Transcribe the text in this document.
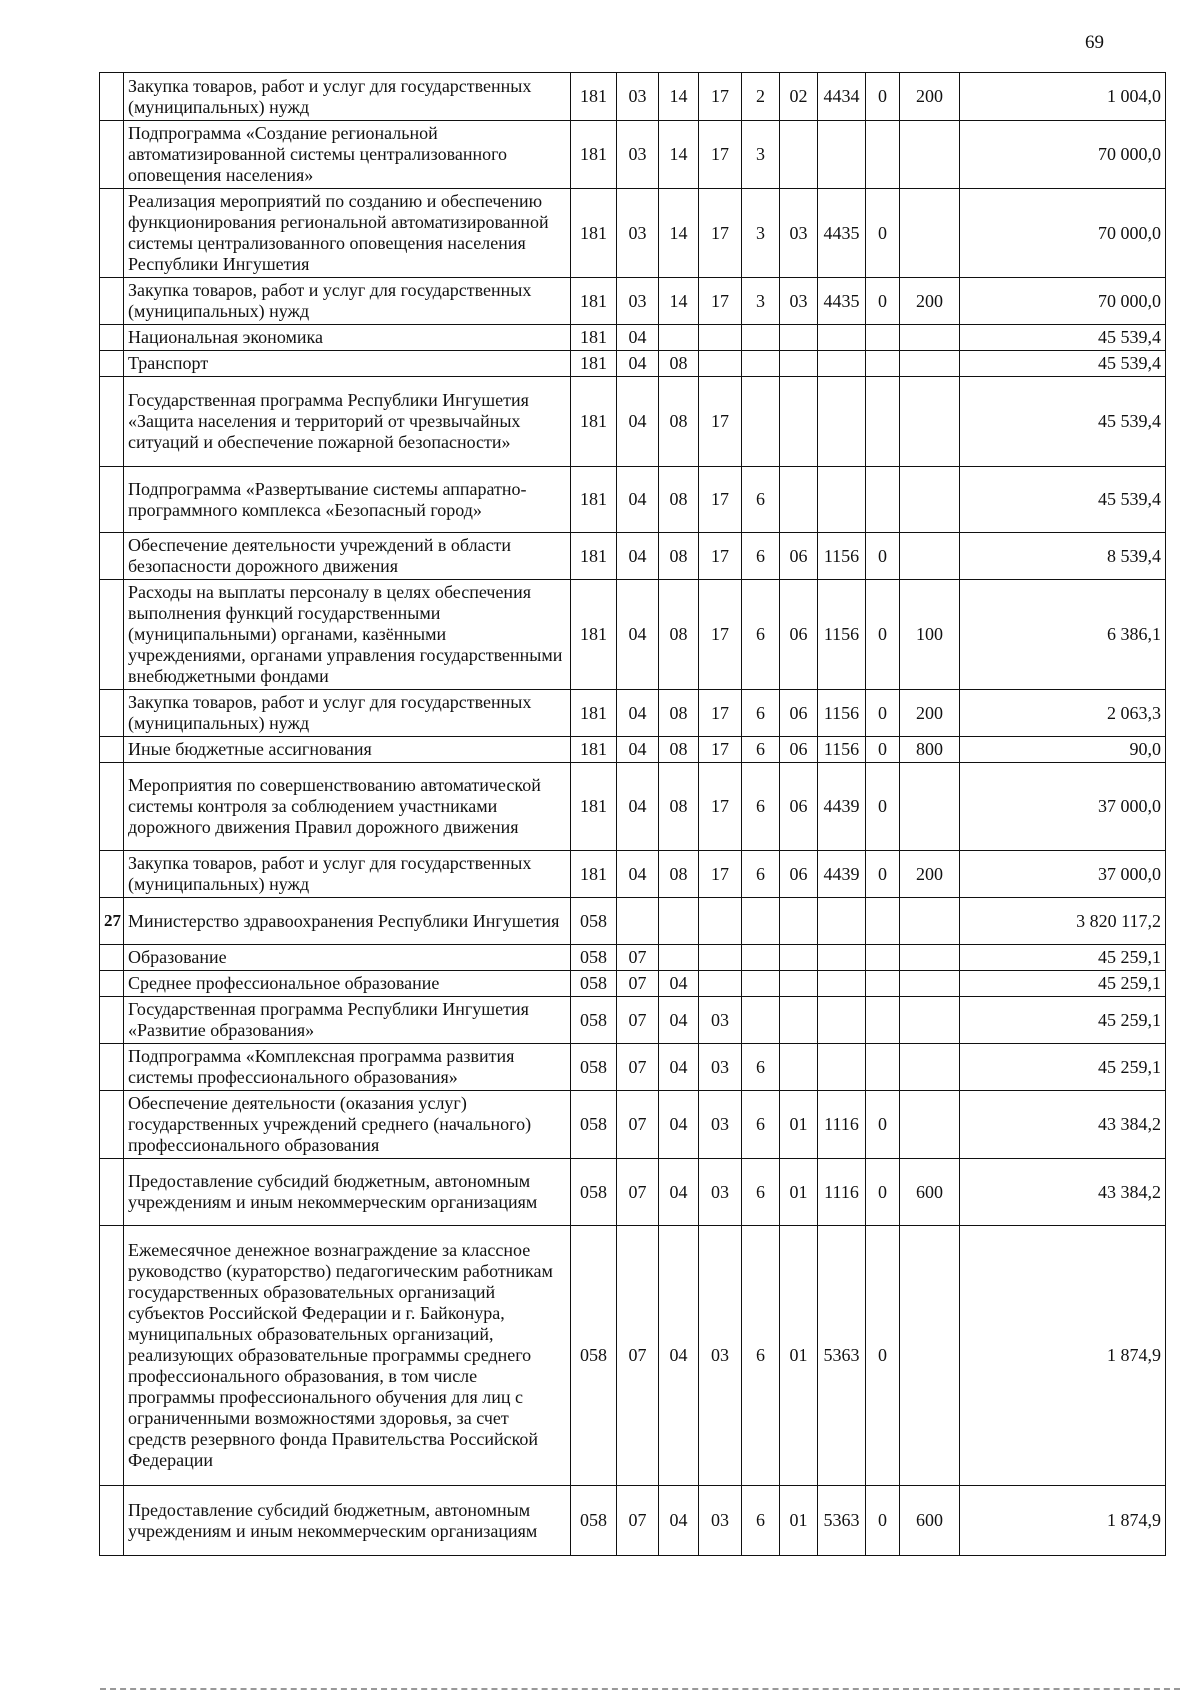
69
	Закупка товаров, работ и услуг для государственных (муниципальных) нужд	181	03	14	17	2	02	4434	0	200	1 004,0
	Подпрограмма «Создание региональной автоматизированной системы централизованного оповещения населения»	181	03	14	17	3					70 000,0
	Реализация мероприятий по созданию и обеспечению функционирования региональной автоматизированной системы централизованного оповещения населения Республики Ингушетия	181	03	14	17	3	03	4435	0		70 000,0
	Закупка товаров, работ и услуг для государственных (муниципальных) нужд	181	03	14	17	3	03	4435	0	200	70 000,0
	Национальная экономика	181	04								45 539,4
	Транспорт	181	04	08							45 539,4
	Государственная программа Республики Ингушетия «Защита населения и территорий от чрезвычайных ситуаций и обеспечение пожарной безопасности»	181	04	08	17						45 539,4
	Подпрограмма «Развертывание системы аппаратно-программного комплекса «Безопасный город»	181	04	08	17	6					45 539,4
	Обеспечение деятельности учреждений в области безопасности дорожного движения	181	04	08	17	6	06	1156	0		8 539,4
	Расходы на выплаты персоналу в целях обеспечения выполнения функций государственными (муниципальными) органами, казёнными учреждениями, органами управления государственными внебюджетными фондами	181	04	08	17	6	06	1156	0	100	6 386,1
	Закупка товаров, работ и услуг для государственных (муниципальных) нужд	181	04	08	17	6	06	1156	0	200	2 063,3
	Иные бюджетные ассигнования	181	04	08	17	6	06	1156	0	800	90,0
	Мероприятия по совершенствованию автоматической системы контроля за соблюдением участниками дорожного движения Правил дорожного движения	181	04	08	17	6	06	4439	0		37 000,0
	Закупка товаров, работ и услуг для государственных (муниципальных) нужд	181	04	08	17	6	06	4439	0	200	37 000,0
27	Министерство здравоохранения Республики Ингушетия	058									3 820 117,2
	Образование	058	07								45 259,1
	Среднее профессиональное образование	058	07	04							45 259,1
	Государственная программа Республики Ингушетия «Развитие образования»	058	07	04	03						45 259,1
	Подпрограмма «Комплексная программа развития системы профессионального образования»	058	07	04	03	6					45 259,1
	Обеспечение деятельности (оказания услуг) государственных учреждений среднего (начального) профессионального образования	058	07	04	03	6	01	1116	0		43 384,2
	Предоставление субсидий бюджетным, автономным учреждениям и иным некоммерческим организациям	058	07	04	03	6	01	1116	0	600	43 384,2
	Ежемесячное денежное вознаграждение за классное руководство (кураторство) педагогическим работникам государственных образовательных организаций субъектов Российской Федерации и г. Байконура, муниципальных образовательных организаций, реализующих образовательные программы среднего профессионального образования, в том числе программы профессионального обучения для лиц с ограниченными возможностями здоровья, за счет средств резервного фонда Правительства Российской Федерации	058	07	04	03	6	01	5363	0		1 874,9
	Предоставление субсидий бюджетным, автономным учреждениям и иным некоммерческим организациям	058	07	04	03	6	01	5363	0	600	1 874,9
